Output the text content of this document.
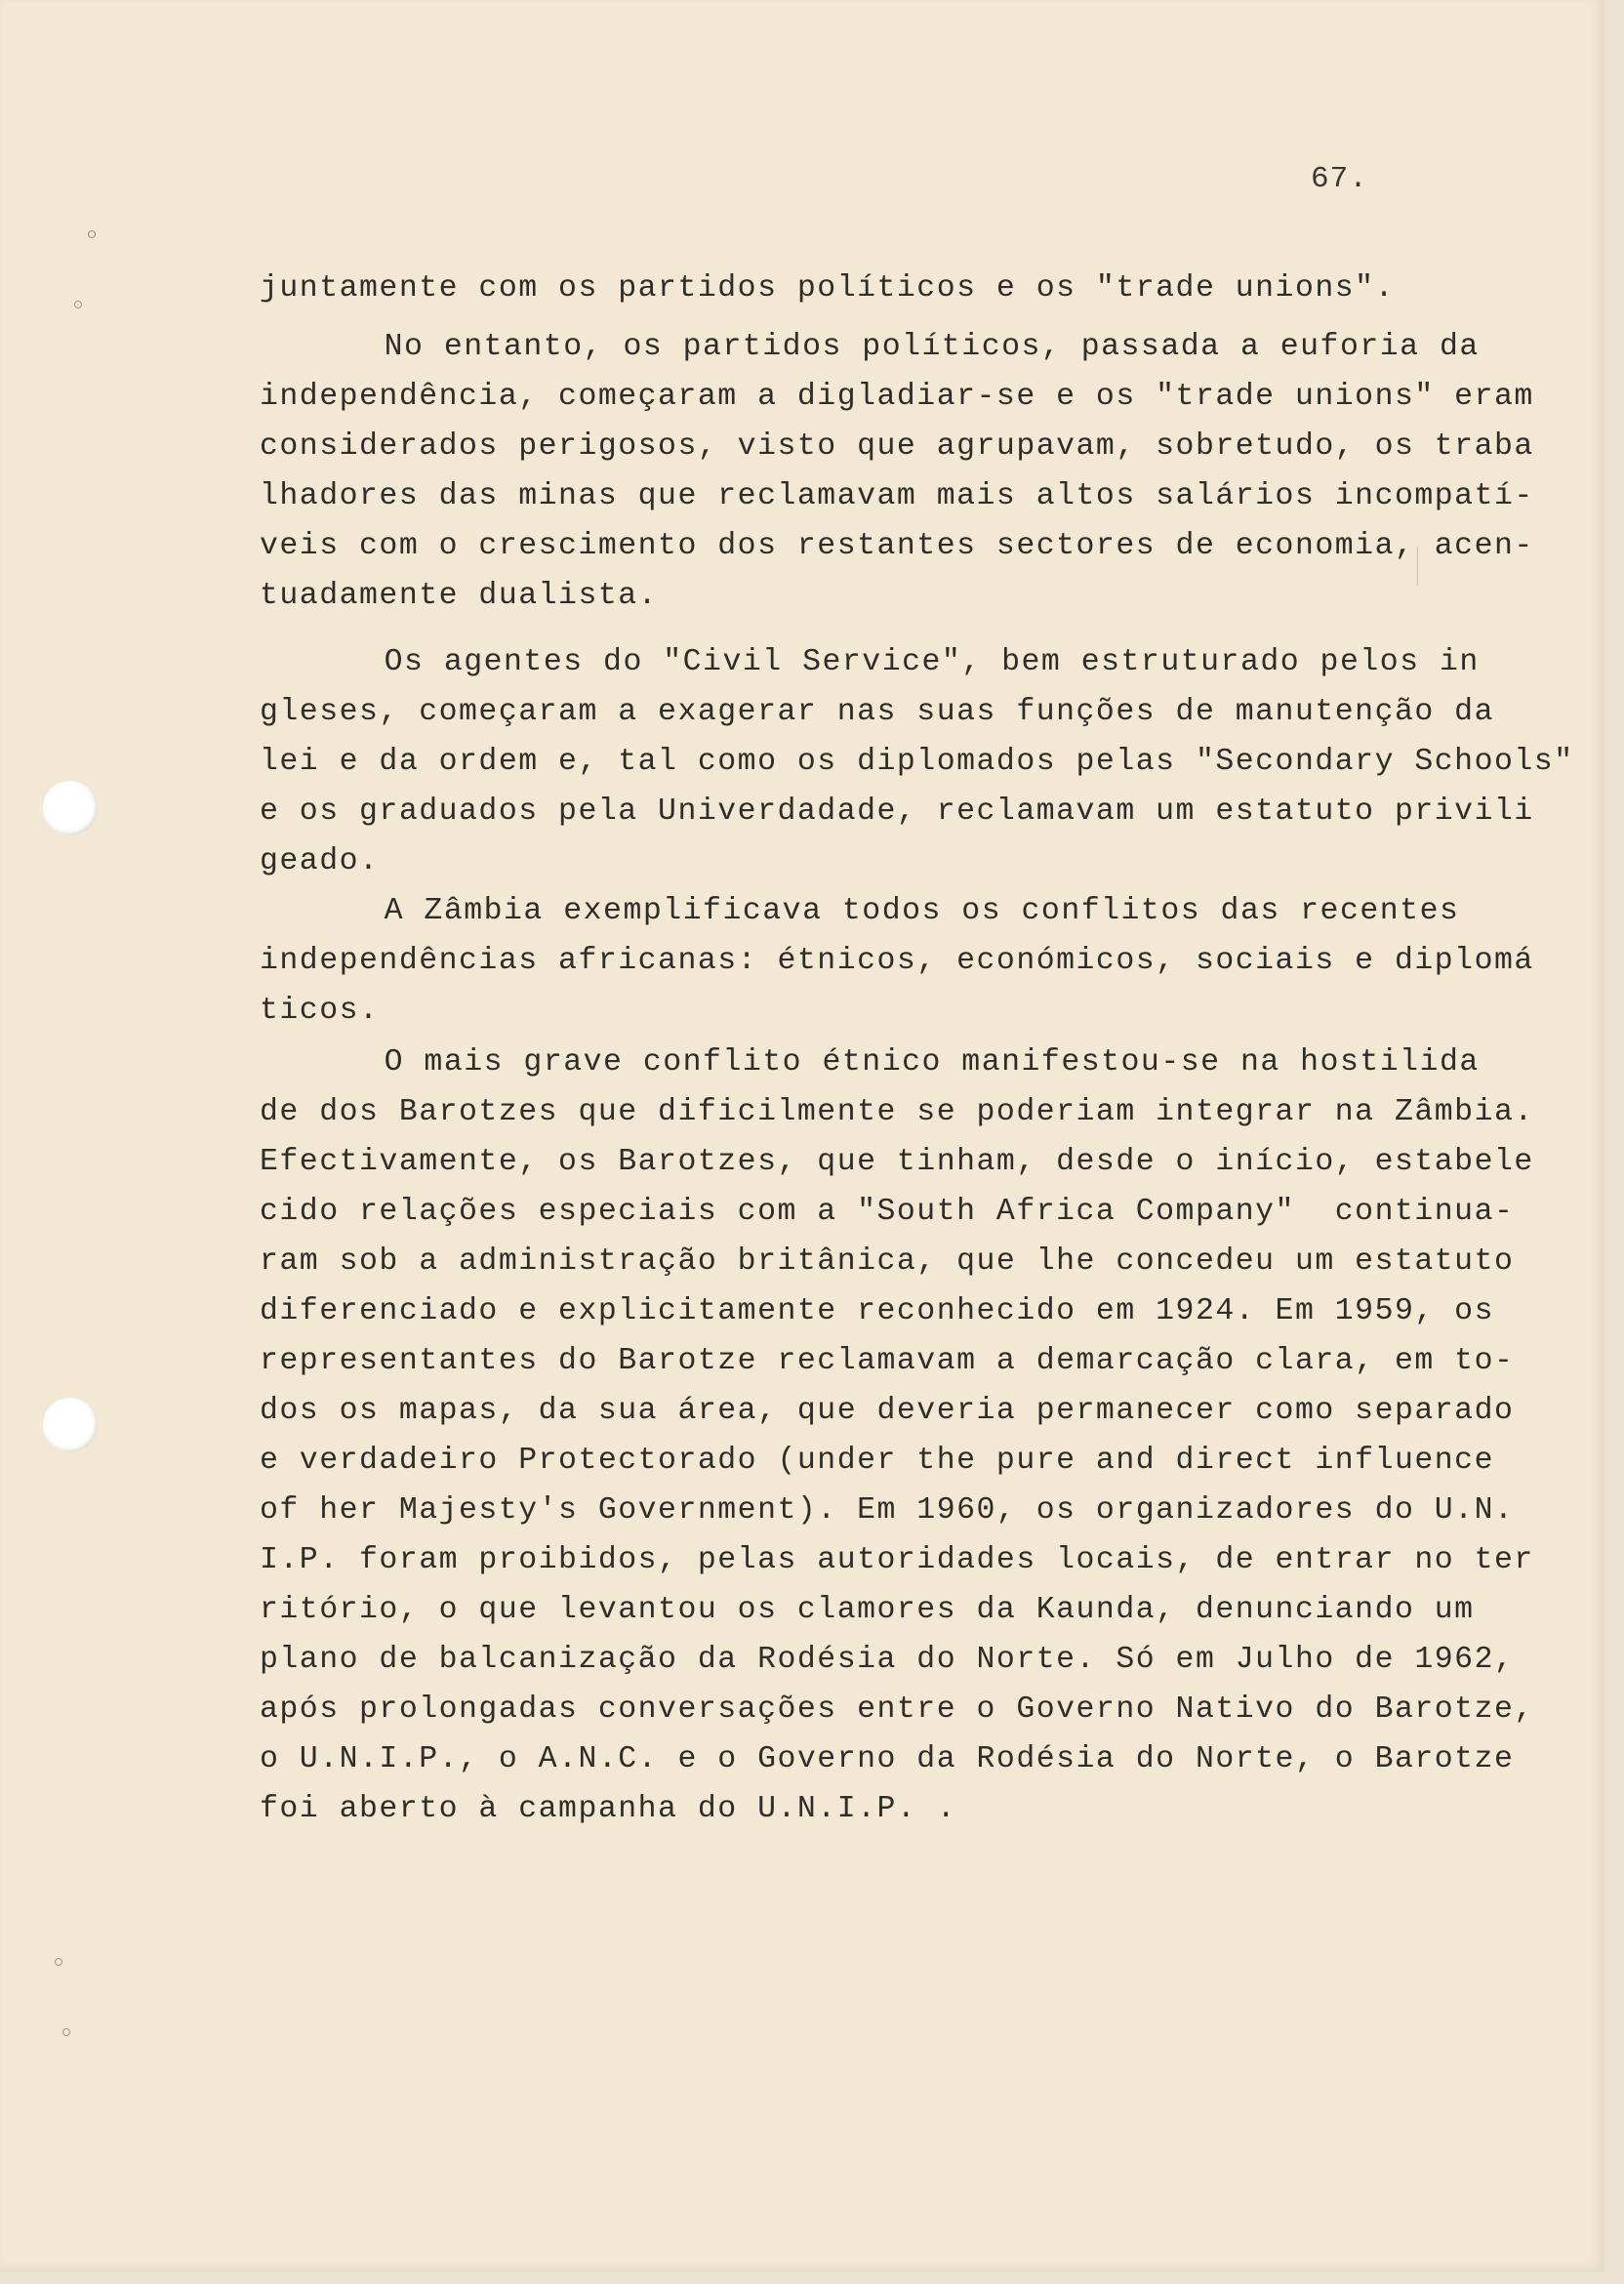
67.
juntamente com os partidos políticos e os "trade unions".
No entanto, os partidos políticos, passada a euforia da
independência, começaram a digladiar-se e os "trade unions" eram
considerados perigosos, visto que agrupavam, sobretudo, os traba
lhadores das minas que reclamavam mais altos salários incompatí-
veis com o crescimento dos restantes sectores de economia, acen-
tuadamente dualista.
Os agentes do "Civil Service", bem estruturado pelos in
gleses, começaram a exagerar nas suas funções de manutenção da
lei e da ordem e, tal como os diplomados pelas "Secondary Schools"
e os graduados pela Univerdadade, reclamavam um estatuto privili
geado.
A Zâmbia exemplificava todos os conflitos das recentes
independências africanas: étnicos, económicos, sociais e diplomá
ticos.
O mais grave conflito étnico manifestou-se na hostilida
de dos Barotzes que dificilmente se poderiam integrar na Zâmbia.
Efectivamente, os Barotzes, que tinham, desde o início, estabele
cido relações especiais com a "South Africa Company"  continua-
ram sob a administração britânica, que lhe concedeu um estatuto
diferenciado e explicitamente reconhecido em 1924. Em 1959, os
representantes do Barotze reclamavam a demarcação clara, em to-
dos os mapas, da sua área, que deveria permanecer como separado
e verdadeiro Protectorado (under the pure and direct influence
of her Majesty's Government). Em 1960, os organizadores do U.N.
I.P. foram proibidos, pelas autoridades locais, de entrar no ter
ritório, o que levantou os clamores da Kaunda, denunciando um
plano de balcanização da Rodésia do Norte. Só em Julho de 1962,
após prolongadas conversações entre o Governo Nativo do Barotze,
o U.N.I.P., o A.N.C. e o Governo da Rodésia do Norte, o Barotze
foi aberto à campanha do U.N.I.P. .
